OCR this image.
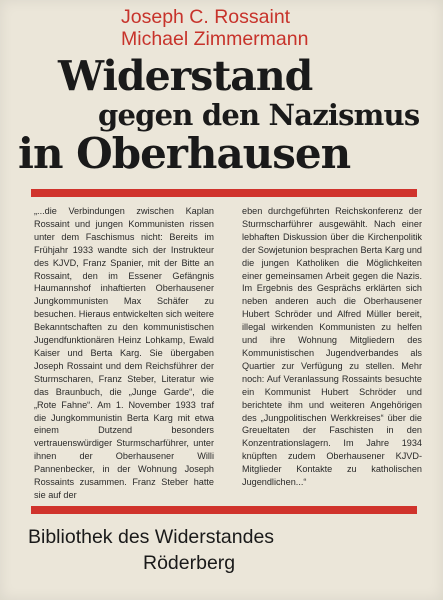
Joseph C. Rossaint
Michael Zimmermann
Widerstand
gegen den Nazismus
in Oberhausen
„...die Verbindungen zwischen Kaplan Rossaint und jungen Kommunisten rissen unter dem Faschismus nicht: Bereits im Frühjahr 1933 wandte sich der Instrukteur des KJVD, Franz Spanier, mit der Bitte an Rossaint, den im Essener Gefängnis Haumannshof inhaftierten Oberhausener Jungkommunisten Max Schäfer zu besuchen. Hieraus entwickelten sich weitere Bekanntschaften zu den kommunistischen Jugendfunktionären Heinz Lohkamp, Ewald Kaiser und Berta Karg. Sie übergaben Joseph Rossaint und dem Reichsführer der Sturmscharen, Franz Steber, Literatur wie das Braunbuch, die „Junge Garde“, die „Rote Fahne“. Am 1. November 1933 traf die Jungkommunistin Berta Karg mit etwa einem Dutzend besonders vertrauenswürdiger Sturmscharführer, unter ihnen der Oberhausener Willi Pannenbecker, in der Wohnung Joseph Rossaints zusammen. Franz Steber hatte sie auf der
eben durchgeführten Reichskonferenz der Sturmscharführer ausgewählt. Nach einer lebhaften Diskussion über die Kirchenpolitik der Sowjetunion besprachen Berta Karg und die jungen Katholiken die Möglichkeiten einer gemeinsamen Arbeit gegen die Nazis. Im Ergebnis des Gesprächs erklärten sich neben anderen auch die Oberhausener Hubert Schröder und Alfred Müller bereit, illegal wirkenden Kommunisten zu helfen und ihre Wohnung Mitgliedern des Kommunistischen Jugendverbandes als Quartier zur Verfügung zu stellen. Mehr noch: Auf Veranlassung Rossaints besuchte ein Kommunist Hubert Schröder und berichtete ihm und weiteren Angehörigen des „Jungpolitischen Werkkreises“ über die Greueltaten der Faschisten in den Konzentrationslagern. Im Jahre 1934 knüpften zudem Oberhausener KJVD-Mitglieder Kontakte zu katholischen Jugendlichen...“
Bibliothek des Widerstandes
Röderberg
